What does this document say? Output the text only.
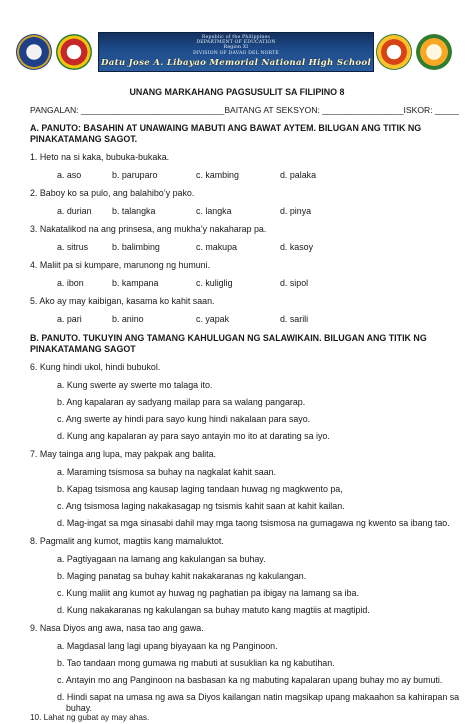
Republic of the Philippines
DEPARTMENT OF EDUCATION
Region XI
DIVISION OF DAVAO DEL NORTE
Datu Jose A. Libayao Memorial National High School
UNANG MARKAHANG PAGSUSULIT SA FILIPINO 8
PANGALAN: ______________________________BAITANG AT SEKSYON: _________________ISKOR: _____
A. PANUTO: BASAHIN AT UNAWAING MABUTI ANG BAWAT AYTEM. BILUGAN ANG TITIK NG
PINAKATAMANG SAGOT.
1. Heto na si kaka, bubuka-bukaka.
a. aso	b. paruparo	c. kambing	d. palaka
2. Baboy ko sa pulo, ang balahibo’y pako.
a. durian b. talangka	c. langka	d. pinya
3. Nakatalikod na ang prinsesa, ang mukha’y nakaharap pa.
a. sitrus	b. balimbing	c. makupa	d. kasoy
4. Maliit pa si kumpare, marunong ng humuni.
a. ibon	b. kampana	c. kuliglig	d. sipol
5. Ako ay may kaibigan, kasama ko kahit saan.
a. pari	b. anino	c. yapak	d. sarili
B. PANUTO. TUKUYIN ANG TAMANG KAHULUGAN NG SALAWIKAIN. BILUGAN ANG TITIK NG
PINAKATAMANG SAGOT
6. Kung hindi ukol, hindi bubukol.
a. Kung swerte ay swerte mo talaga ito.
b. Ang kapalaran ay sadyang mailap para sa walang pangarap.
c. Ang swerte ay hindi para sayo kung hindi nakalaan para sayo.
d. Kung ang kapalaran ay para sayo antayin mo ito at darating sa iyo.
7. May tainga ang lupa, may pakpak ang balita.
a. Maraming tsismosa sa buhay na nagkalat kahit saan.
b. Kapag tsismosa ang kausap laging tandaan huwag ng magkwento pa,
c. Ang tsismosa laging nakakasagap ng tsismis kahit saan at kahit kailan.
d. Mag-ingat sa mga sinasabi dahil may mga taong tsismosa na gumagawa ng kwento sa ibang tao.
8. Pagmalit ang kumot, magtiis kang mamaluktot.
a. Pagtiyagaan na lamang ang kakulangan sa buhay.
b. Maging panatag sa buhay kahit nakakaranas ng kakulangan.
c. Kung maliit ang kumot ay huwag ng paghatian pa ibigay na lamang sa iba.
d. Kung nakakaranas ng kakulangan sa buhay matuto kang magtiis at magtipid.
9. Nasa Diyos ang awa, nasa tao ang gawa.
a. Magdasal lang lagi upang biyayaan ka ng Panginoon.
b. Tao tandaan mong gumawa ng mabuti at susuklian ka ng kabutihan.
c. Antayin mo ang Panginoon na basbasan ka ng mabuting kapalaran upang buhay mo ay bumuti.
d. Hindi sapat na umasa ng awa sa Diyos kailangan natin magsikap upang makaahon sa kahirapan sa
buhay.
10. Lahat ng gubat ay may ahas.
